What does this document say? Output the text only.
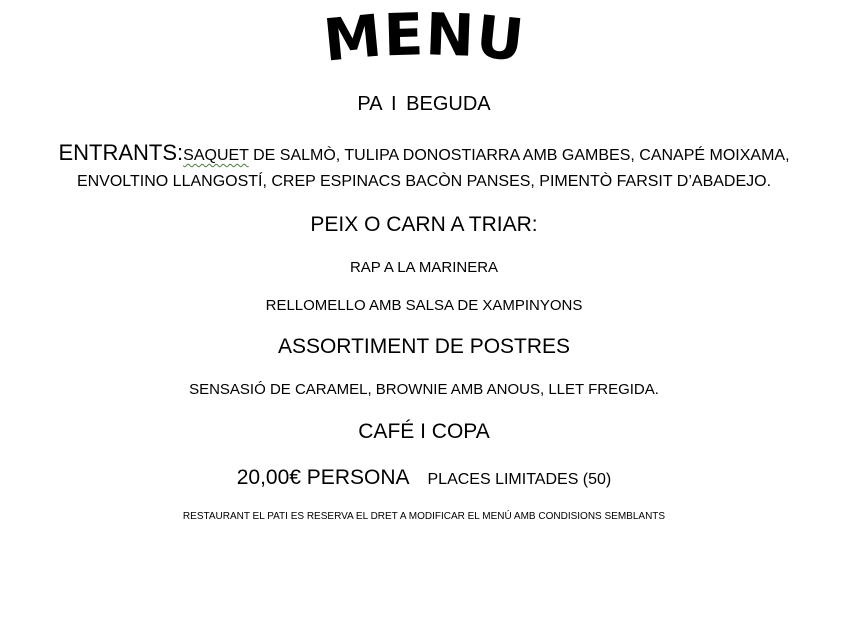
MENU
PA I BEGUDA
ENTRANTS:SAQUET DE SALMÒ, TULIPA DONOSTIARRA AMB GAMBES, CANAPÉ MOIXAMA,
ENVOLTINO LLANGOSTÍ, CREP ESPINACS BACÒN PANSES, PIMENTÒ FARSIT D’ABADEJO.
PEIX O CARN A TRIAR:
RAP A LA MARINERA
RELLOMELLO AMB SALSA DE XAMPINYONS
ASSORTIMENT DE POSTRES
SENSASIÓ DE CARAMEL, BROWNIE AMB ANOUS, LLET FREGIDA.
CAFÉ I COPA
20,00€ PERSONA PLACES LIMITADES (50)
RESTAURANT EL PATI ES RESERVA EL DRET A MODIFICAR EL MENÚ AMB CONDISIONS SEMBLANTS
